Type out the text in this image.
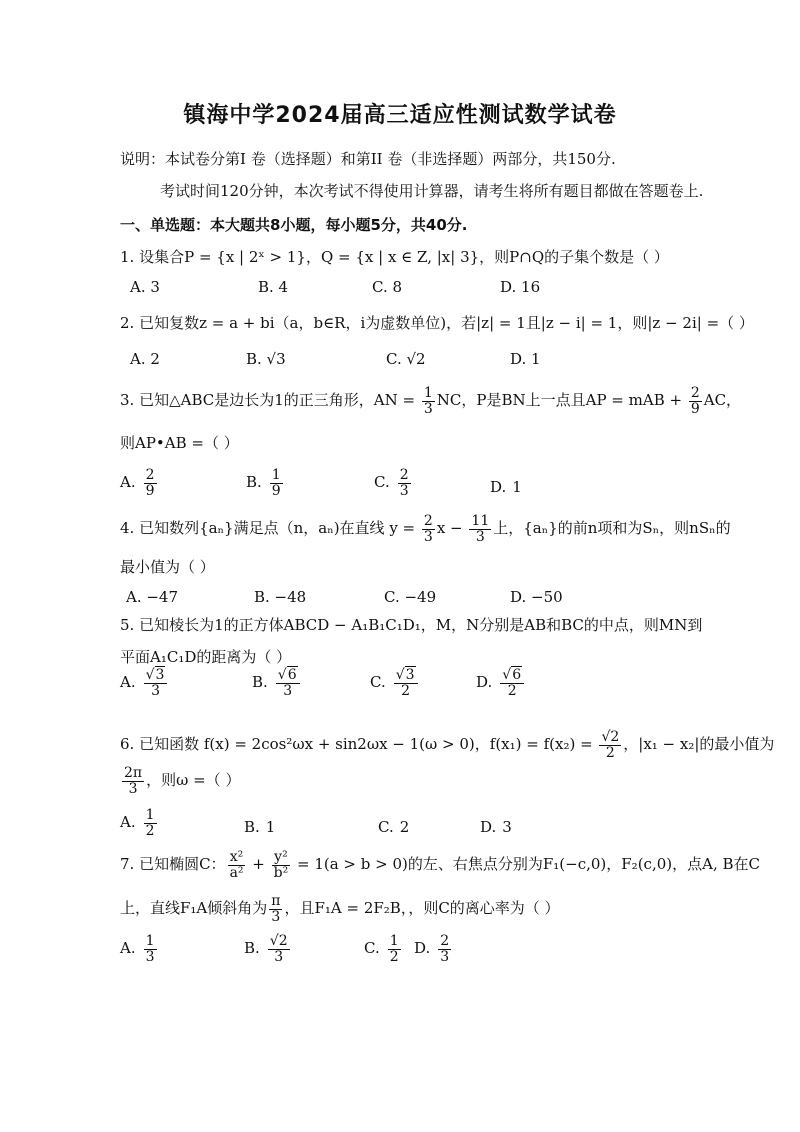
镇海中学2024届高三适应性测试数学试卷
说明：本试卷分第I 卷（选择题）和第II 卷（非选择题）两部分，共150分.
考试时间120分钟，本次考试不得使用计算器，请考生将所有题目都做在答题卷上.
一、单选题：本大题共8小题，每小题5分，共40分.
1. 设集合P = {x | 2ˣ > 1}，Q = {x | x ∈ Z, |x| 3}，则P∩Q的子集个数是（ ）
A. 3	B. 4	C. 8	D. 16
2. 已知复数z = a + bi（a，b∈R，i为虚数单位)，若|z| = 1且|z − i| = 1，则|z − 2i| =（ ）
A. 2	B. √3	C. √2	D. 1
3. 已知△ABC是边长为1的正三角形，AN = $\frac{1}{3}$ NC，P是BN上一点且AP = mAB + $\frac{2}{9}$ AC，
则AP•AB =（ ）
A. $\frac{2}{9}$	B. $\frac{1}{9}$	C. $\frac{2}{3}$	D. 1
4. 已知数列{aₙ}满足点（n，aₙ)在直线 $y = \frac{2}{3}$ $x - \frac{11}{3}$ 上，{aₙ}的前n项和为Sₙ，则nSₙ的
最小值为（ ）
A. −47	B. −48	C. −49	D. −50
5. 已知棱长为1的正方体ABCD − A₁B₁C₁D₁，M，N分别是AB和BC的中点，则MN到
平面A₁C₁D的距离为（ ）
A. $\frac{√3}{3}$	B. $\frac{√6}{3}$	C. $\frac{√3}{2}$	D. $\frac{√6}{2}$
6. 已知函数 f(x) = 2cos²ωx + sin2ωx − 1(ω > 0)，$f(x_1) = f(x_2) = \frac{√2}{2}$ ，|x₁ − x₂|的最小值为
$\frac{2\pi}{3}$ ，则ω =（ ）
A. $\frac{1}{2}$	B. 1	C. 2	D. 3
7. 已知椭圆C： $\frac{\text{x²}}{\text{a²}} + \frac{\text{y²}}{\text{b²}} = 1(a > b > 0)$的左、右焦点分别为F₁(−c,0)，F₂(c,0)，点A, B在C
上，直线F₁A倾斜角为 $\frac{\pi}{3}$ ，且F₁A = 2F₂B，，则C的离心率为（ ）
A. $\frac{1}{3}$	B. $\frac{√2}{3}$	C. $\frac{1}{2} D$. $\frac{2}{3}$
